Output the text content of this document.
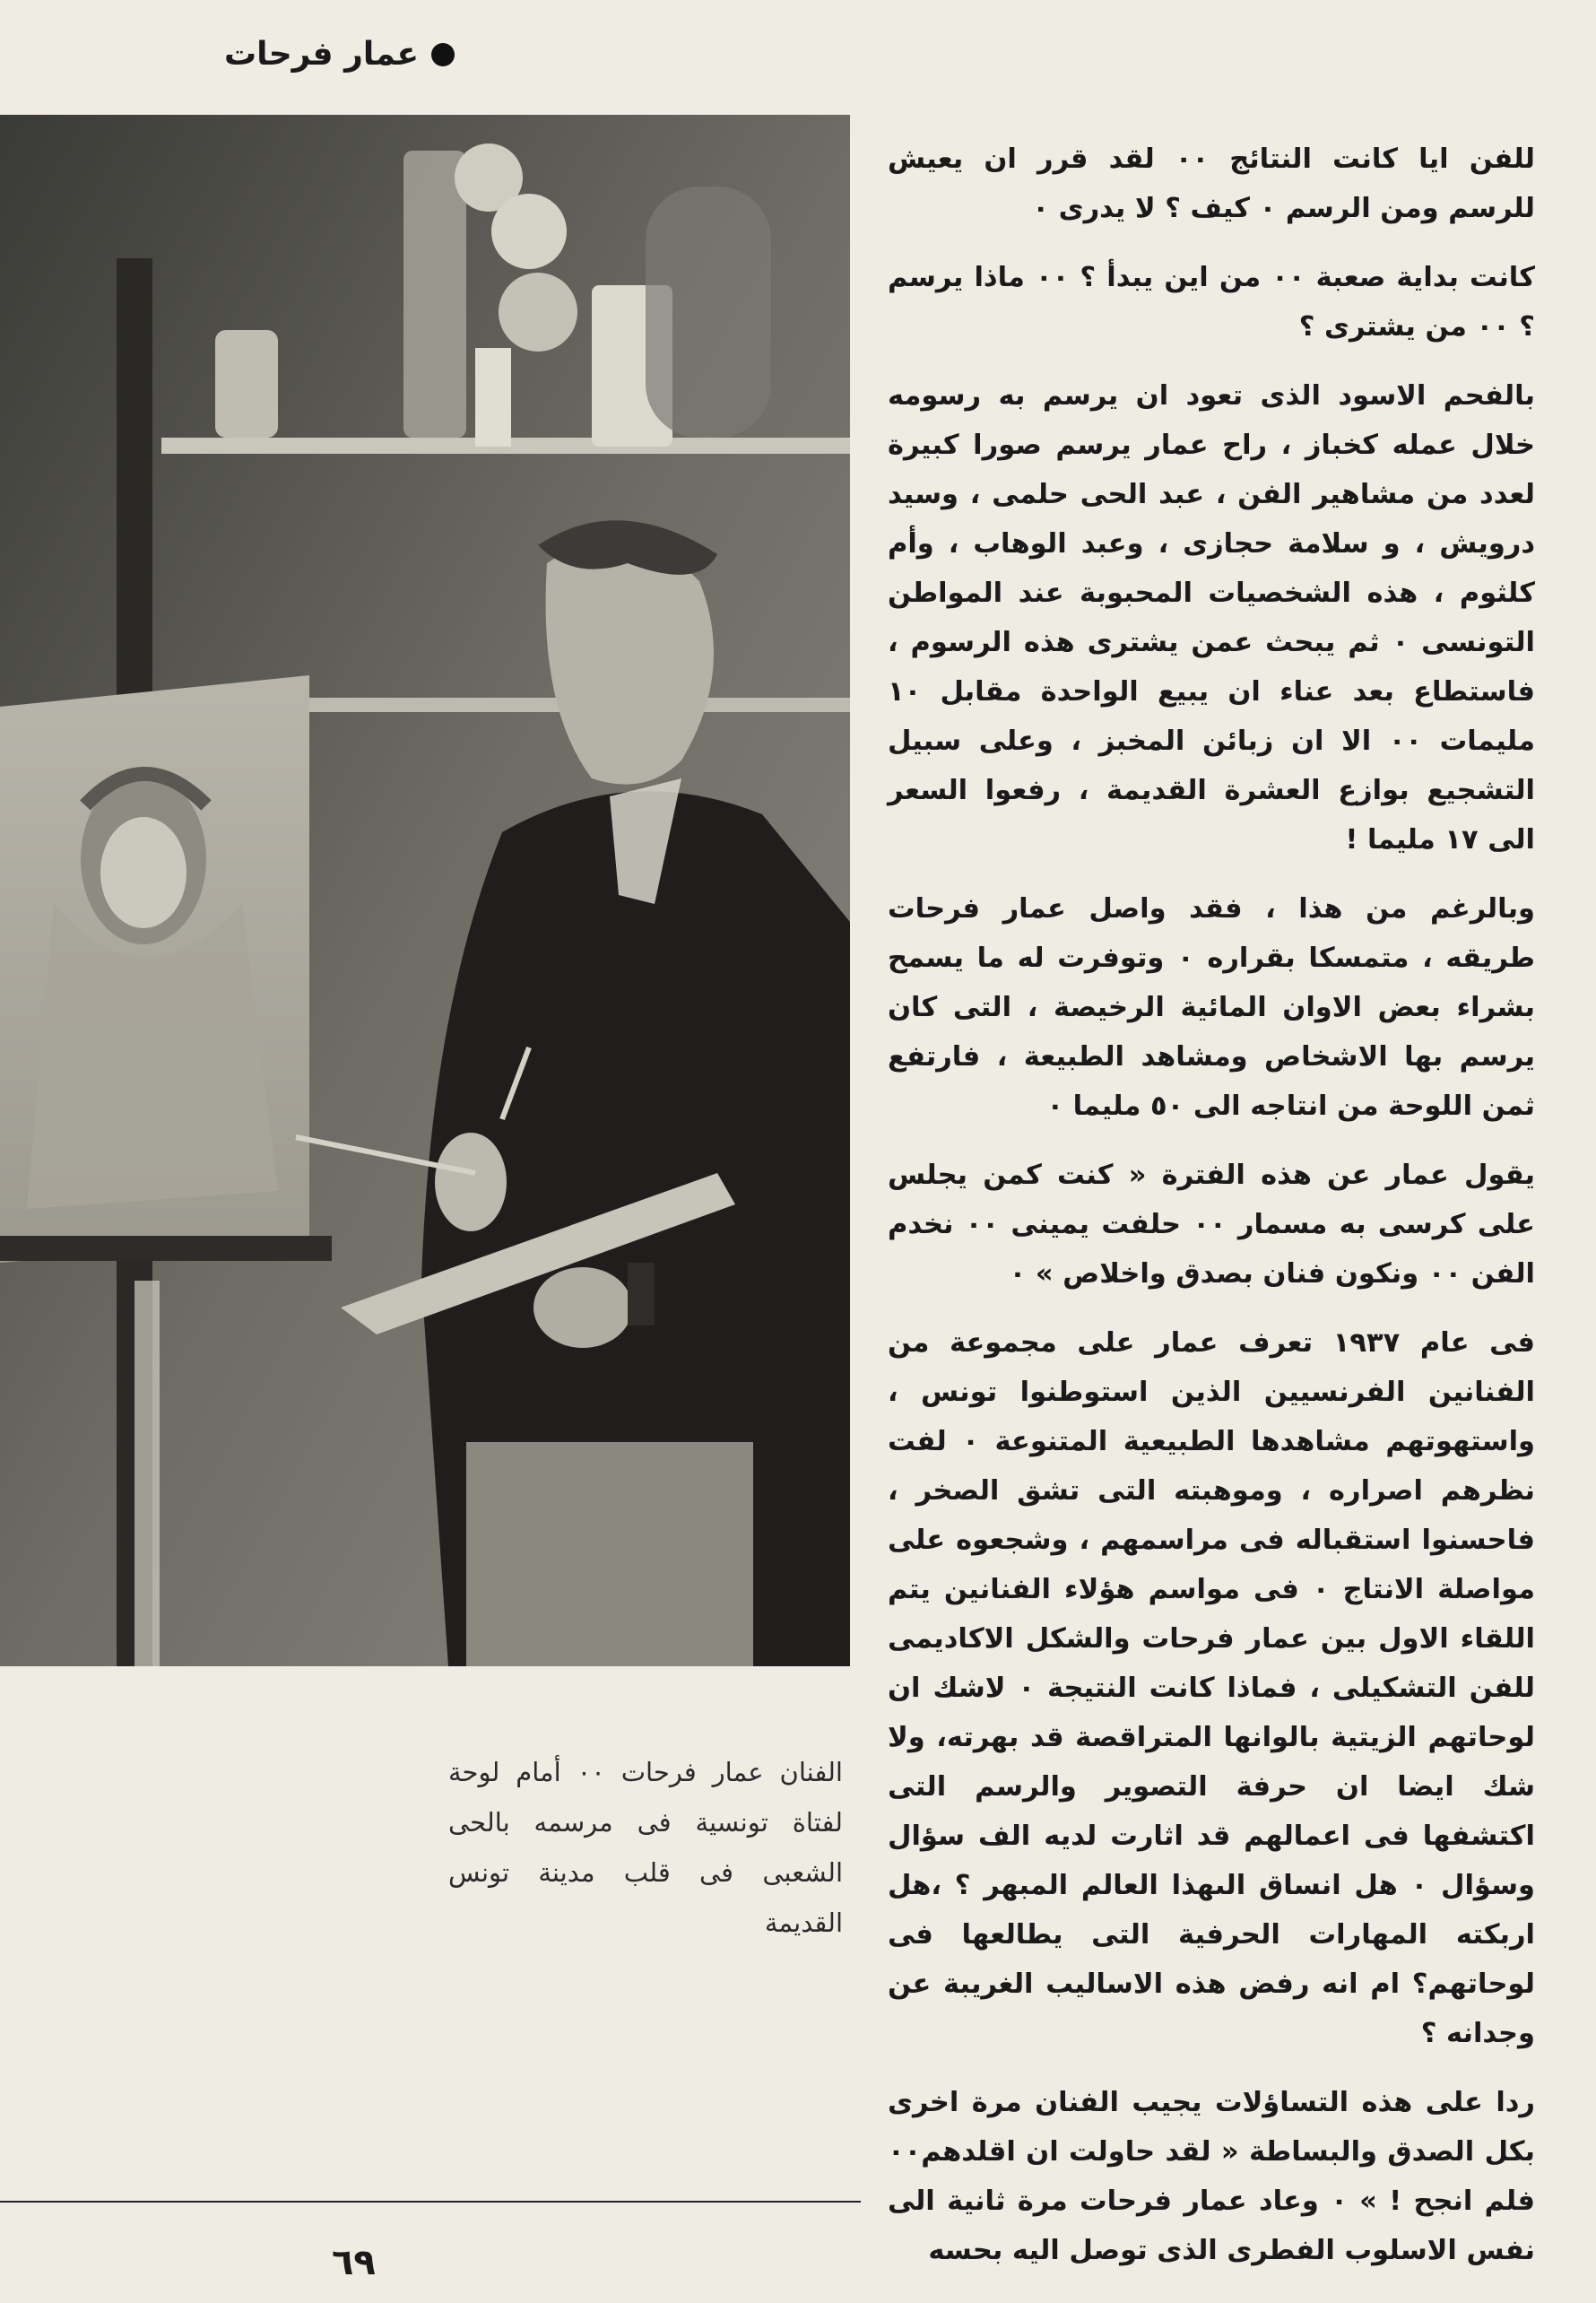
عمار فرحات

للفن ايا كانت النتائج ٠٠ لقد قرر ان يعيش للرسم ومن الرسم ٠ كيف ؟ لا يدرى ٠

كانت بداية صعبة ٠٠ من اين يبدأ ؟ ٠٠ ماذا يرسم ؟ ٠٠ من يشترى ؟

بالفحم الاسود الذى تعود ان يرسم به رسومه خلال عمله كخباز ، راح عمار يرسم صورا كبيرة لعدد من مشاهير الفن ، عبد الحى حلمى ، وسيد درويش ، و سلامة حجازى ، وعبد الوهاب ، وأم كلثوم ، هذه الشخصيات المحبوبة عند المواطن التونسى ٠ ثم يبحث عمن يشترى هذه الرسوم ، فاستطاع بعد عناء ان يبيع الواحدة مقابل ١٠ مليمات ٠٠ الا ان زبائن المخبز ، وعلى سبيل التشجيع بوازع العشرة القديمة ، رفعوا السعر الى ١٧ مليما !

وبالرغم من هذا ، فقد واصل عمار فرحات طريقه ، متمسكا بقراره ٠ وتوفرت له ما يسمح بشراء بعض الاوان المائية الرخيصة ، التى كان يرسم بها الاشخاص ومشاهد الطبيعة ، فارتفع ثمن اللوحة من انتاجه الى ٥٠ مليما ٠

يقول عمار عن هذه الفترة « كنت كمن يجلس على كرسى به مسمار ٠٠ حلفت يمينى ٠٠ نخدم الفن ٠٠ ونكون فنان بصدق واخلاص » ٠

فى عام ١٩٣٧ تعرف عمار على مجموعة من الفنانين الفرنسيين الذين استوطنوا تونس ، واستهوتهم مشاهدها الطبيعية المتنوعة ٠ لفت نظرهم اصراره ، وموهبته التى تشق الصخر ، فاحسنوا استقباله فى مراسمهم ، وشجعوه على مواصلة الانتاج ٠ فى مواسم هؤلاء الفنانين يتم اللقاء الاول بين عمار فرحات والشكل الاكاديمى للفن التشكيلى ، فماذا كانت النتيجة ٠ لاشك ان لوحاتهم الزيتية بالوانها المتراقصة قد بهرته، ولا شك ايضا ان حرفة التصوير والرسم التى اكتشفها فى اعمالهم قد اثارت لديه الف سؤال وسؤال ٠ هل انساق الىهذا العالم المبهر ؟ ،هل اربكته المهارات الحرفية التى يطالعها فى لوحاتهم؟ ام انه رفض هذه الاساليب الغريبة عن وجدانه ؟

ردا على هذه التساؤلات يجيب الفنان مرة اخرى بكل الصدق والبساطة « لقد حاولت ان اقلدهم٠٠ فلم انجح ! » ٠ وعاد عمار فرحات مرة ثانية الى نفس الاسلوب الفطرى الذى توصل اليه بحسه

الفنان عمار فرحات ٠٠ أمام لوحة لفتاة تونسية فى مرسمه بالحى الشعبى فى قلب مدينة تونس القديمة
٦٩
